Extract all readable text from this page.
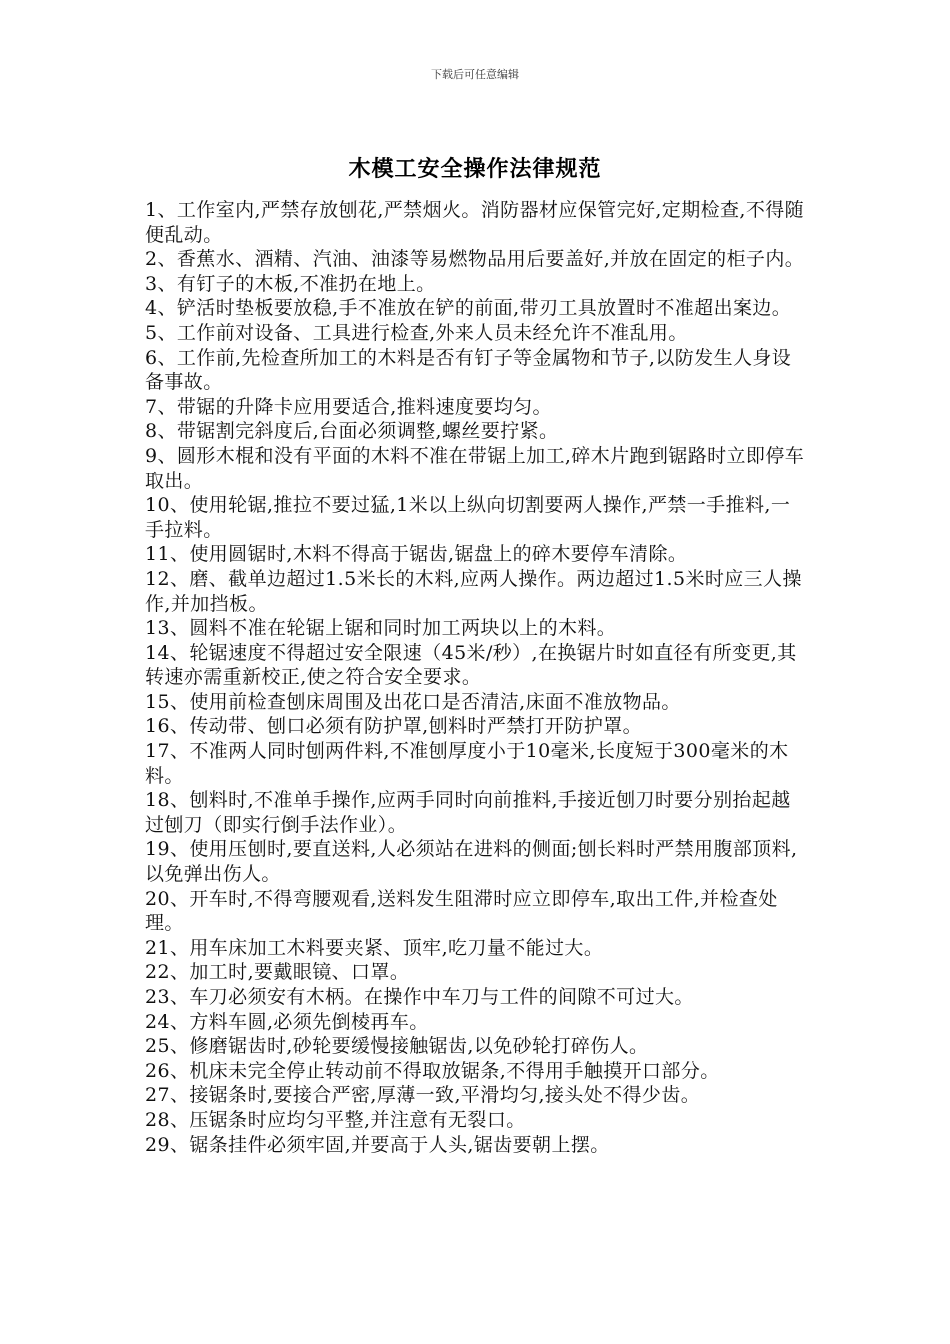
下载后可任意编辑
木模工安全操作法律规范
1、工作室内,严禁存放刨花,严禁烟火。消防器材应保管完好,定期检查,不得随便乱动。
2、香蕉水、酒精、汽油、油漆等易燃物品用后要盖好,并放在固定的柜子内。
3、有钉子的木板,不准扔在地上。
4、铲活时垫板要放稳,手不准放在铲的前面,带刃工具放置时不准超出案边。
5、工作前对设备、工具进行检查,外来人员未经允许不准乱用。
6、工作前,先检查所加工的木料是否有钉子等金属物和节子,以防发生人身设备事故。
7、带锯的升降卡应用要适合,推料速度要均匀。
8、带锯割完斜度后,台面必须调整,螺丝要拧紧。
9、圆形木棍和没有平面的木料不准在带锯上加工,碎木片跑到锯路时立即停车取出。
10、使用轮锯,推拉不要过猛,1米以上纵向切割要两人操作,严禁一手推料,一手拉料。
11、使用圆锯时,木料不得高于锯齿,锯盘上的碎木要停车清除。
12、磨、截单边超过1.5米长的木料,应两人操作。两边超过1.5米时应三人操作,并加挡板。
13、圆料不准在轮锯上锯和同时加工两块以上的木料。
14、轮锯速度不得超过安全限速（45米/秒）,在换锯片时如直径有所变更,其转速亦需重新校正,使之符合安全要求。
15、使用前检查刨床周围及出花口是否清洁,床面不准放物品。
16、传动带、刨口必须有防护罩,刨料时严禁打开防护罩。
17、不准两人同时刨两件料,不准刨厚度小于10毫米,长度短于300毫米的木料。
18、刨料时,不准单手操作,应两手同时向前推料,手接近刨刀时要分别抬起越过刨刀（即实行倒手法作业）。
19、使用压刨时,要直送料,人必须站在进料的侧面;刨长料时严禁用腹部顶料,以免弹出伤人。
20、开车时,不得弯腰观看,送料发生阻滞时应立即停车,取出工件,并检查处理。
21、用车床加工木料要夹紧、顶牢,吃刀量不能过大。
22、加工时,要戴眼镜、口罩。
23、车刀必须安有木柄。在操作中车刀与工件的间隙不可过大。
24、方料车圆,必须先倒棱再车。
25、修磨锯齿时,砂轮要缓慢接触锯齿,以免砂轮打碎伤人。
26、机床未完全停止转动前不得取放锯条,不得用手触摸开口部分。
27、接锯条时,要接合严密,厚薄一致,平滑均匀,接头处不得少齿。
28、压锯条时应均匀平整,并注意有无裂口。
29、锯条挂件必须牢固,并要高于人头,锯齿要朝上摆。
